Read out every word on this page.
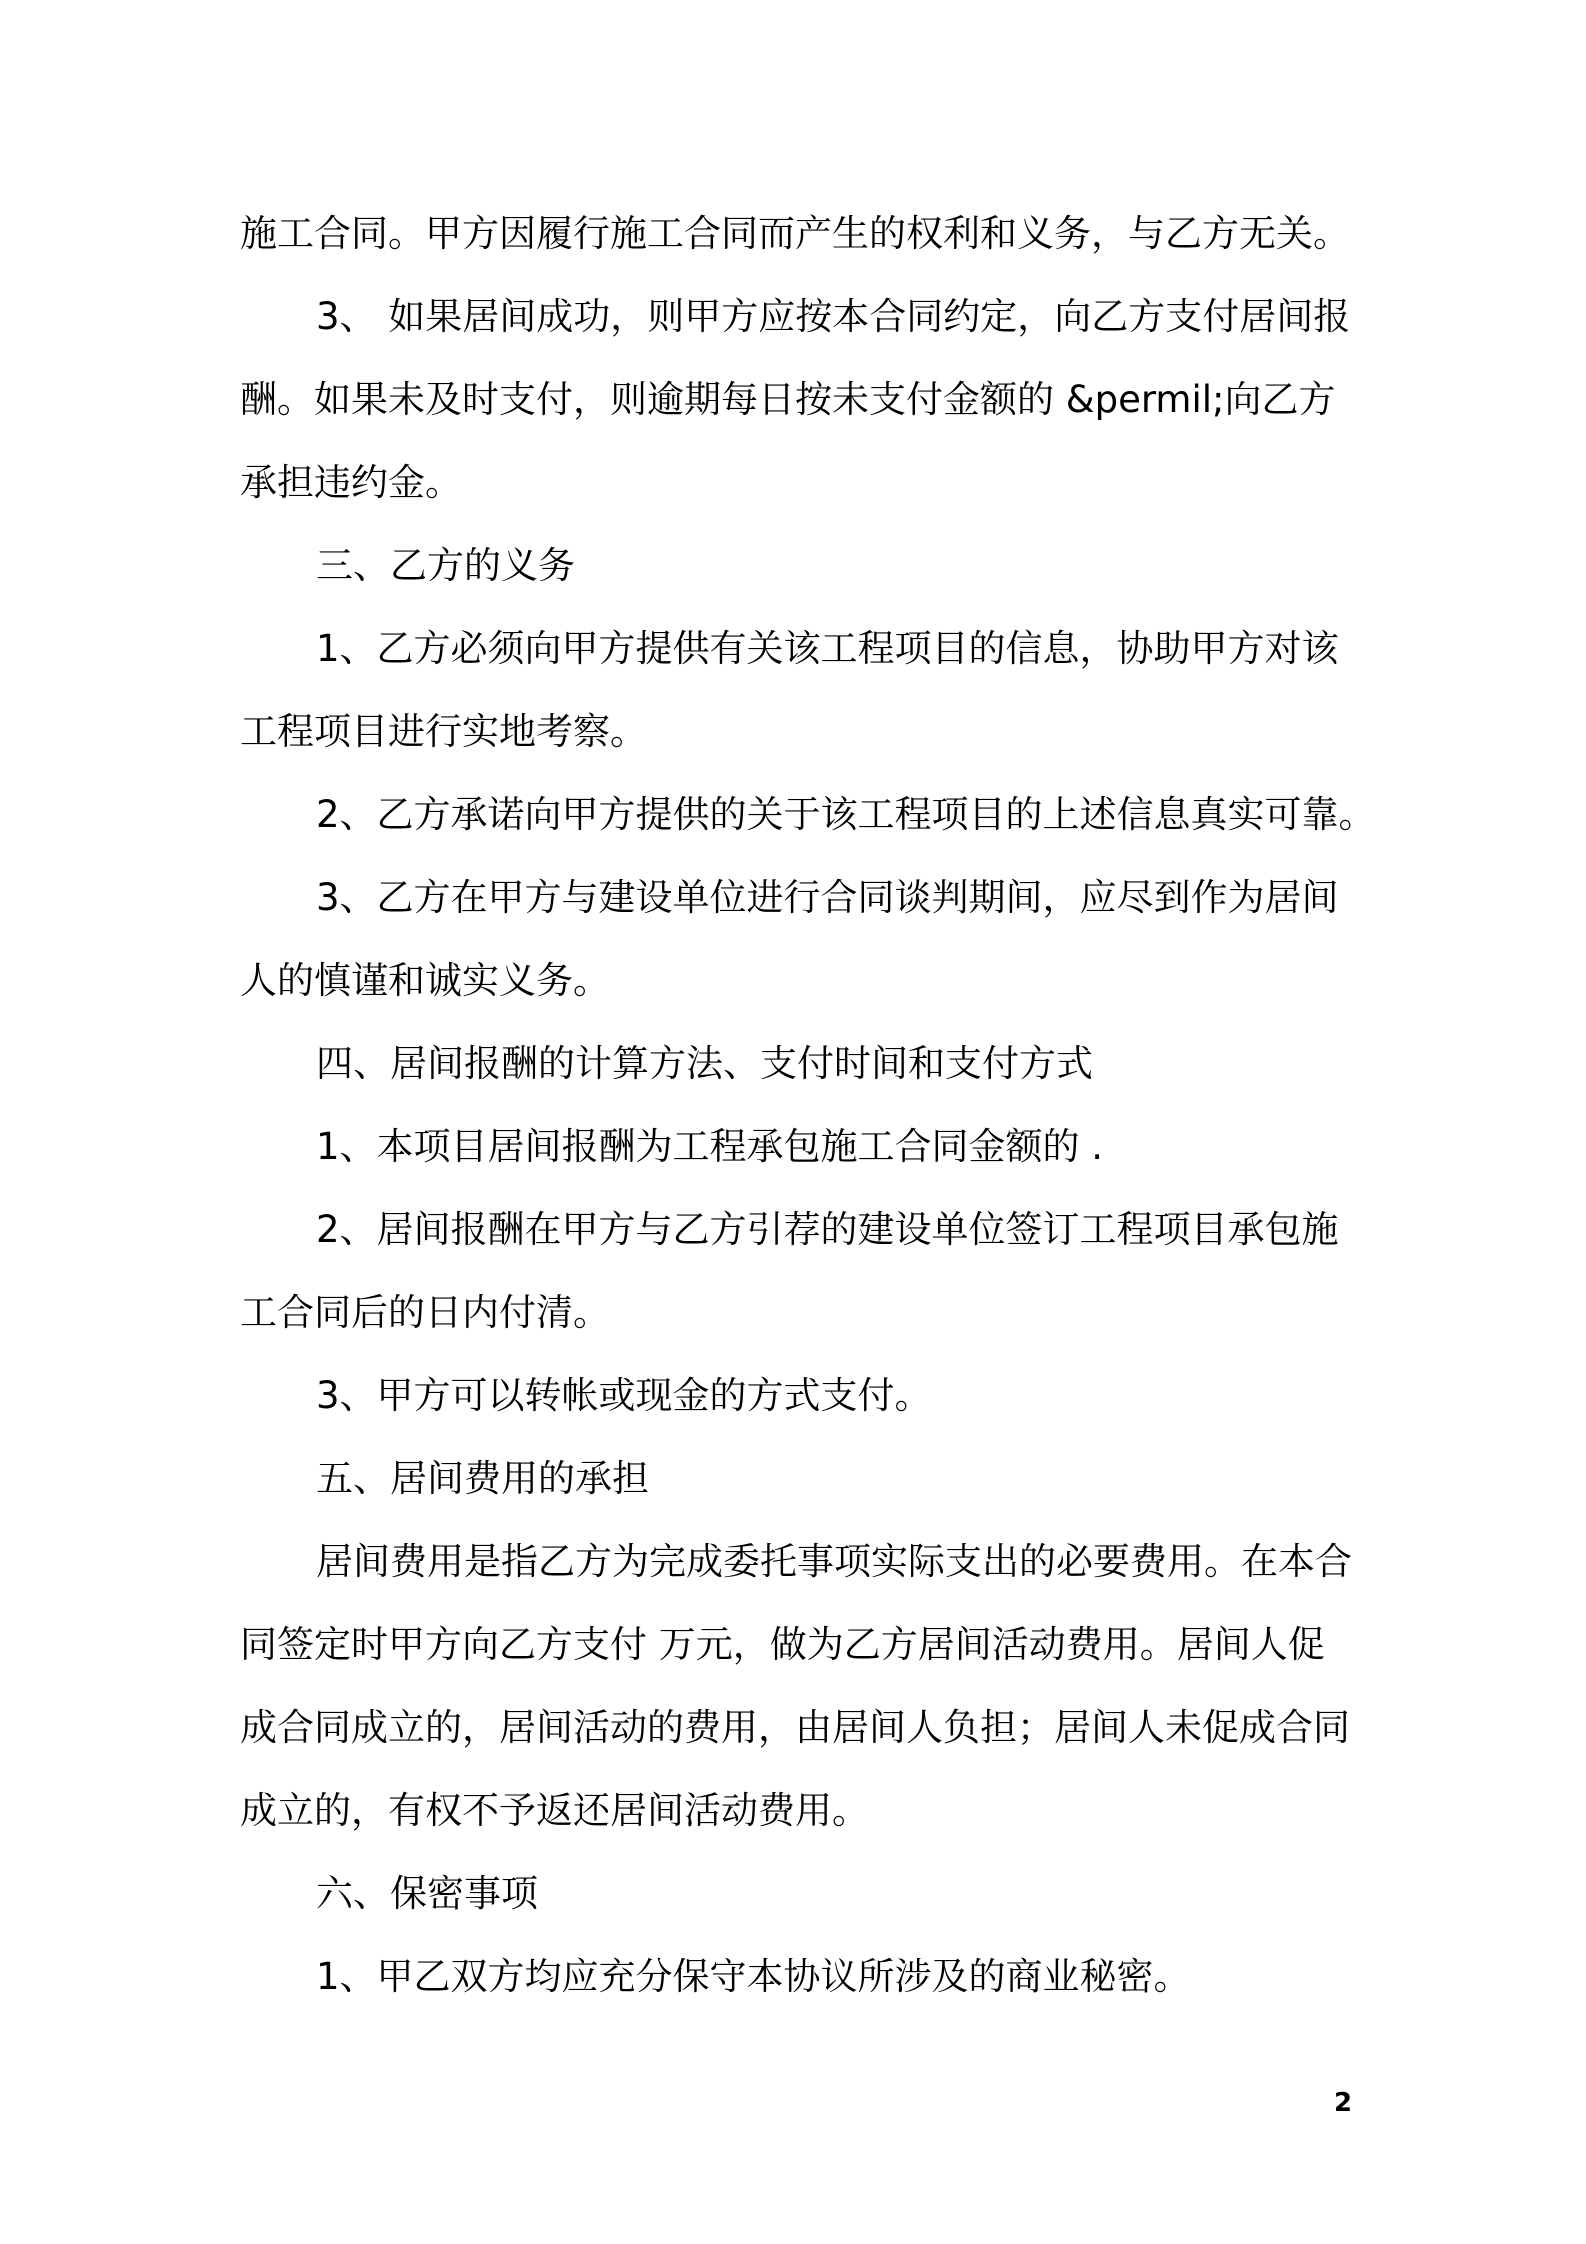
施工合同。甲方因履行施工合同而产生的权利和义务，与乙方无关。
3、 如果居间成功，则甲方应按本合同约定，向乙方支付居间报
酬。如果未及时支付，则逾期每日按未支付金额的 &permil;向乙方
承担违约金。
三、乙方的义务
1、乙方必须向甲方提供有关该工程项目的信息，协助甲方对该
工程项目进行实地考察。
2、乙方承诺向甲方提供的关于该工程项目的上述信息真实可靠。
3、乙方在甲方与建设单位进行合同谈判期间，应尽到作为居间
人的慎谨和诚实义务。
四、居间报酬的计算方法、支付时间和支付方式
1、本项目居间报酬为工程承包施工合同金额的 .
2、居间报酬在甲方与乙方引荐的建设单位签订工程项目承包施
工合同后的日内付清。
3、甲方可以转帐或现金的方式支付。
五、居间费用的承担
居间费用是指乙方为完成委托事项实际支出的必要费用。在本合
同签定时甲方向乙方支付 万元，做为乙方居间活动费用。居间人促
成合同成立的，居间活动的费用，由居间人负担；居间人未促成合同
成立的，有权不予返还居间活动费用。
六、保密事项
1、甲乙双方均应充分保守本协议所涉及的商业秘密。
2
